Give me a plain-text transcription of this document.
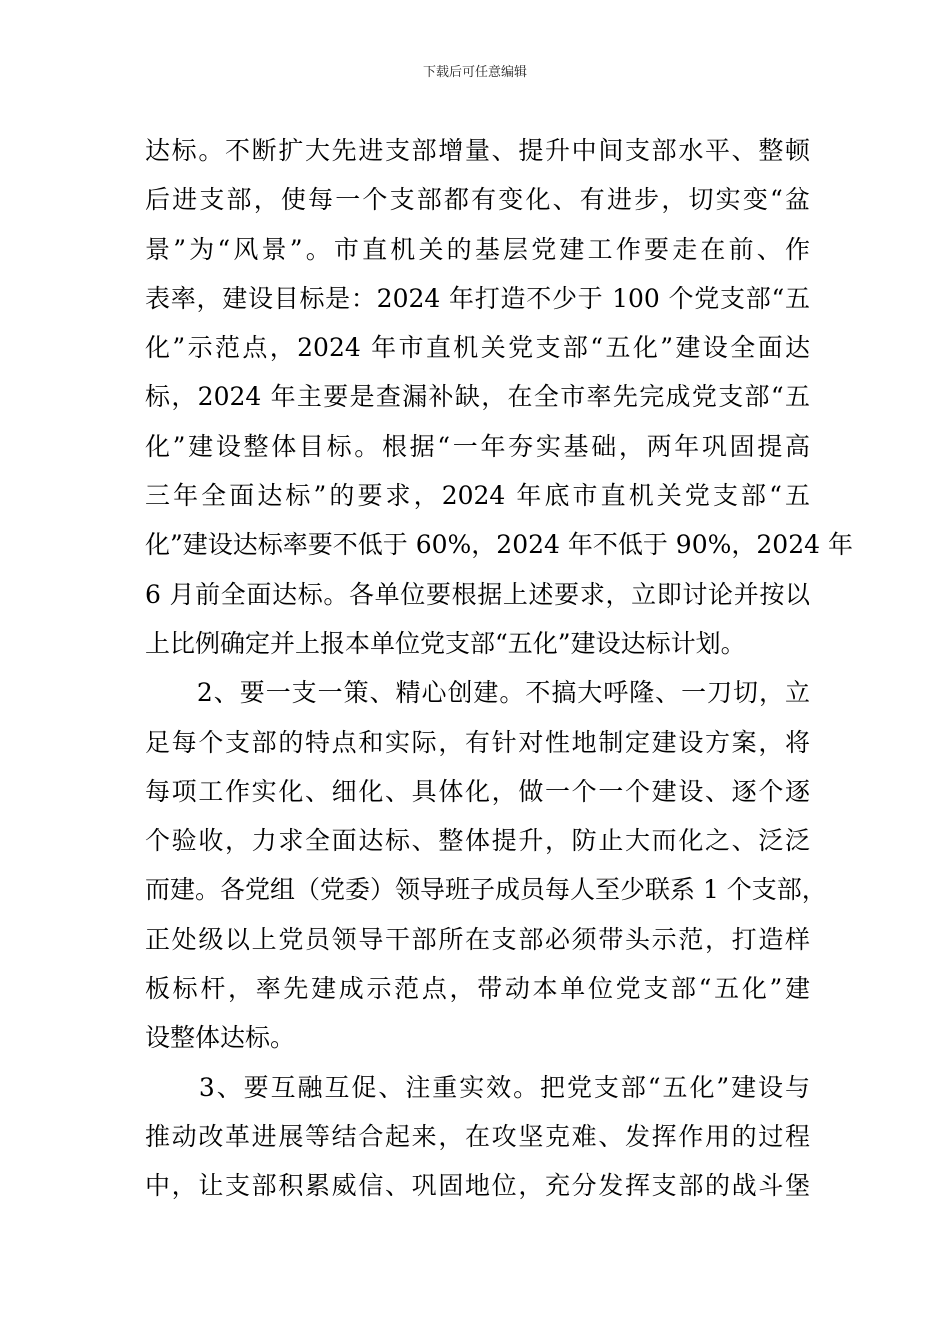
下载后可任意编辑
达标。不断扩大先进支部增量、提升中间支部水平、整顿
后进支部，使每一个支部都有变化、有进步，切实变“盆
景”为“风景”。市直机关的基层党建工作要走在前、作
表率，建设目标是：2024 年打造不少于 100 个党支部“五
化”示范点，2024 年市直机关党支部“五化”建设全面达
标，2024 年主要是查漏补缺，在全市率先完成党支部“五
化”建设整体目标。根据“一年夯实基础，两年巩固提高
三年全面达标”的要求，2024 年底市直机关党支部“五
化”建设达标率要不低于 60%，2024 年不低于 90%，2024 年
6 月前全面达标。各单位要根据上述要求，立即讨论并按以
上比例确定并上报本单位党支部“五化”建设达标计划。
　　2、要一支一策、精心创建。不搞大呼隆、一刀切，立
足每个支部的特点和实际，有针对性地制定建设方案，将
每项工作实化、细化、具体化，做一个一个建设、逐个逐
个验收，力求全面达标、整体提升，防止大而化之、泛泛
而建。各党组（党委）领导班子成员每人至少联系 1 个支部，
正处级以上党员领导干部所在支部必须带头示范，打造样
板标杆，率先建成示范点，带动本单位党支部“五化”建
设整体达标。
　　3、要互融互促、注重实效。把党支部“五化”建设与
推动改革进展等结合起来，在攻坚克难、发挥作用的过程
中，让支部积累威信、巩固地位，充分发挥支部的战斗堡
